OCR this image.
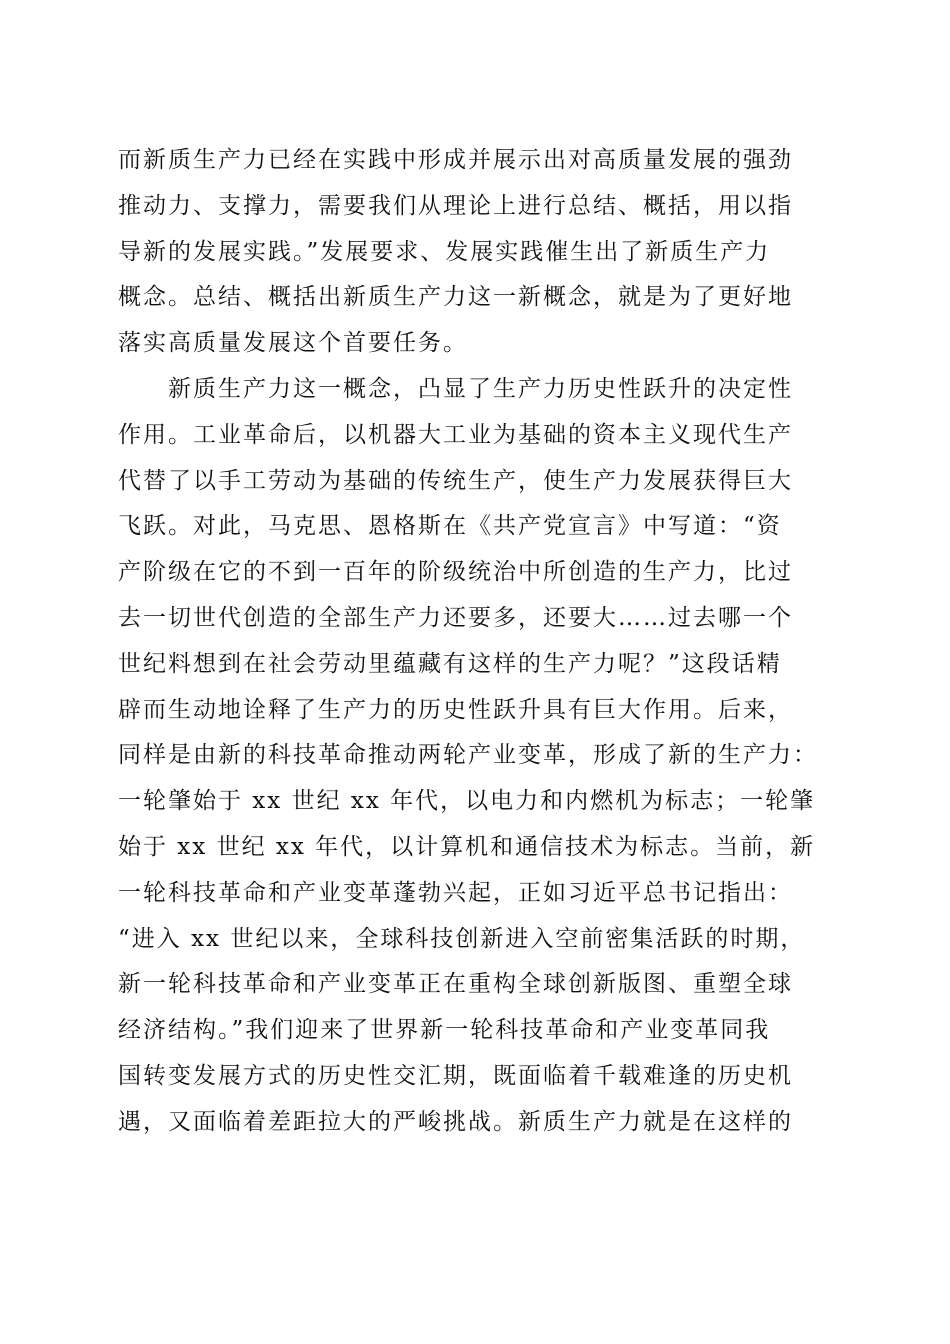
而新质生产力已经在实践中形成并展示出对高质量发展的强劲
推动力、支撑力，需要我们从理论上进行总结、概括，用以指
导新的发展实践。”发展要求、发展实践催生出了新质生产力
概念。总结、概括出新质生产力这一新概念，就是为了更好地
落实高质量发展这个首要任务。
　　新质生产力这一概念，凸显了生产力历史性跃升的决定性
作用。工业革命后，以机器大工业为基础的资本主义现代生产
代替了以手工劳动为基础的传统生产，使生产力发展获得巨大
飞跃。对此，马克思、恩格斯在《共产党宣言》中写道：“资
产阶级在它的不到一百年的阶级统治中所创造的生产力，比过
去一切世代创造的全部生产力还要多，还要大……过去哪一个
世纪料想到在社会劳动里蕴藏有这样的生产力呢？”这段话精
辟而生动地诠释了生产力的历史性跃升具有巨大作用。后来，
同样是由新的科技革命推动两轮产业变革，形成了新的生产力：
一轮肇始于 xx 世纪 xx 年代，以电力和内燃机为标志；一轮肇
始于 xx 世纪 xx 年代，以计算机和通信技术为标志。当前，新
一轮科技革命和产业变革蓬勃兴起，正如习近平总书记指出：
“进入 xx 世纪以来，全球科技创新进入空前密集活跃的时期，
新一轮科技革命和产业变革正在重构全球创新版图、重塑全球
经济结构。”我们迎来了世界新一轮科技革命和产业变革同我
国转变发展方式的历史性交汇期，既面临着千载难逢的历史机
遇，又面临着差距拉大的严峻挑战。新质生产力就是在这样的
